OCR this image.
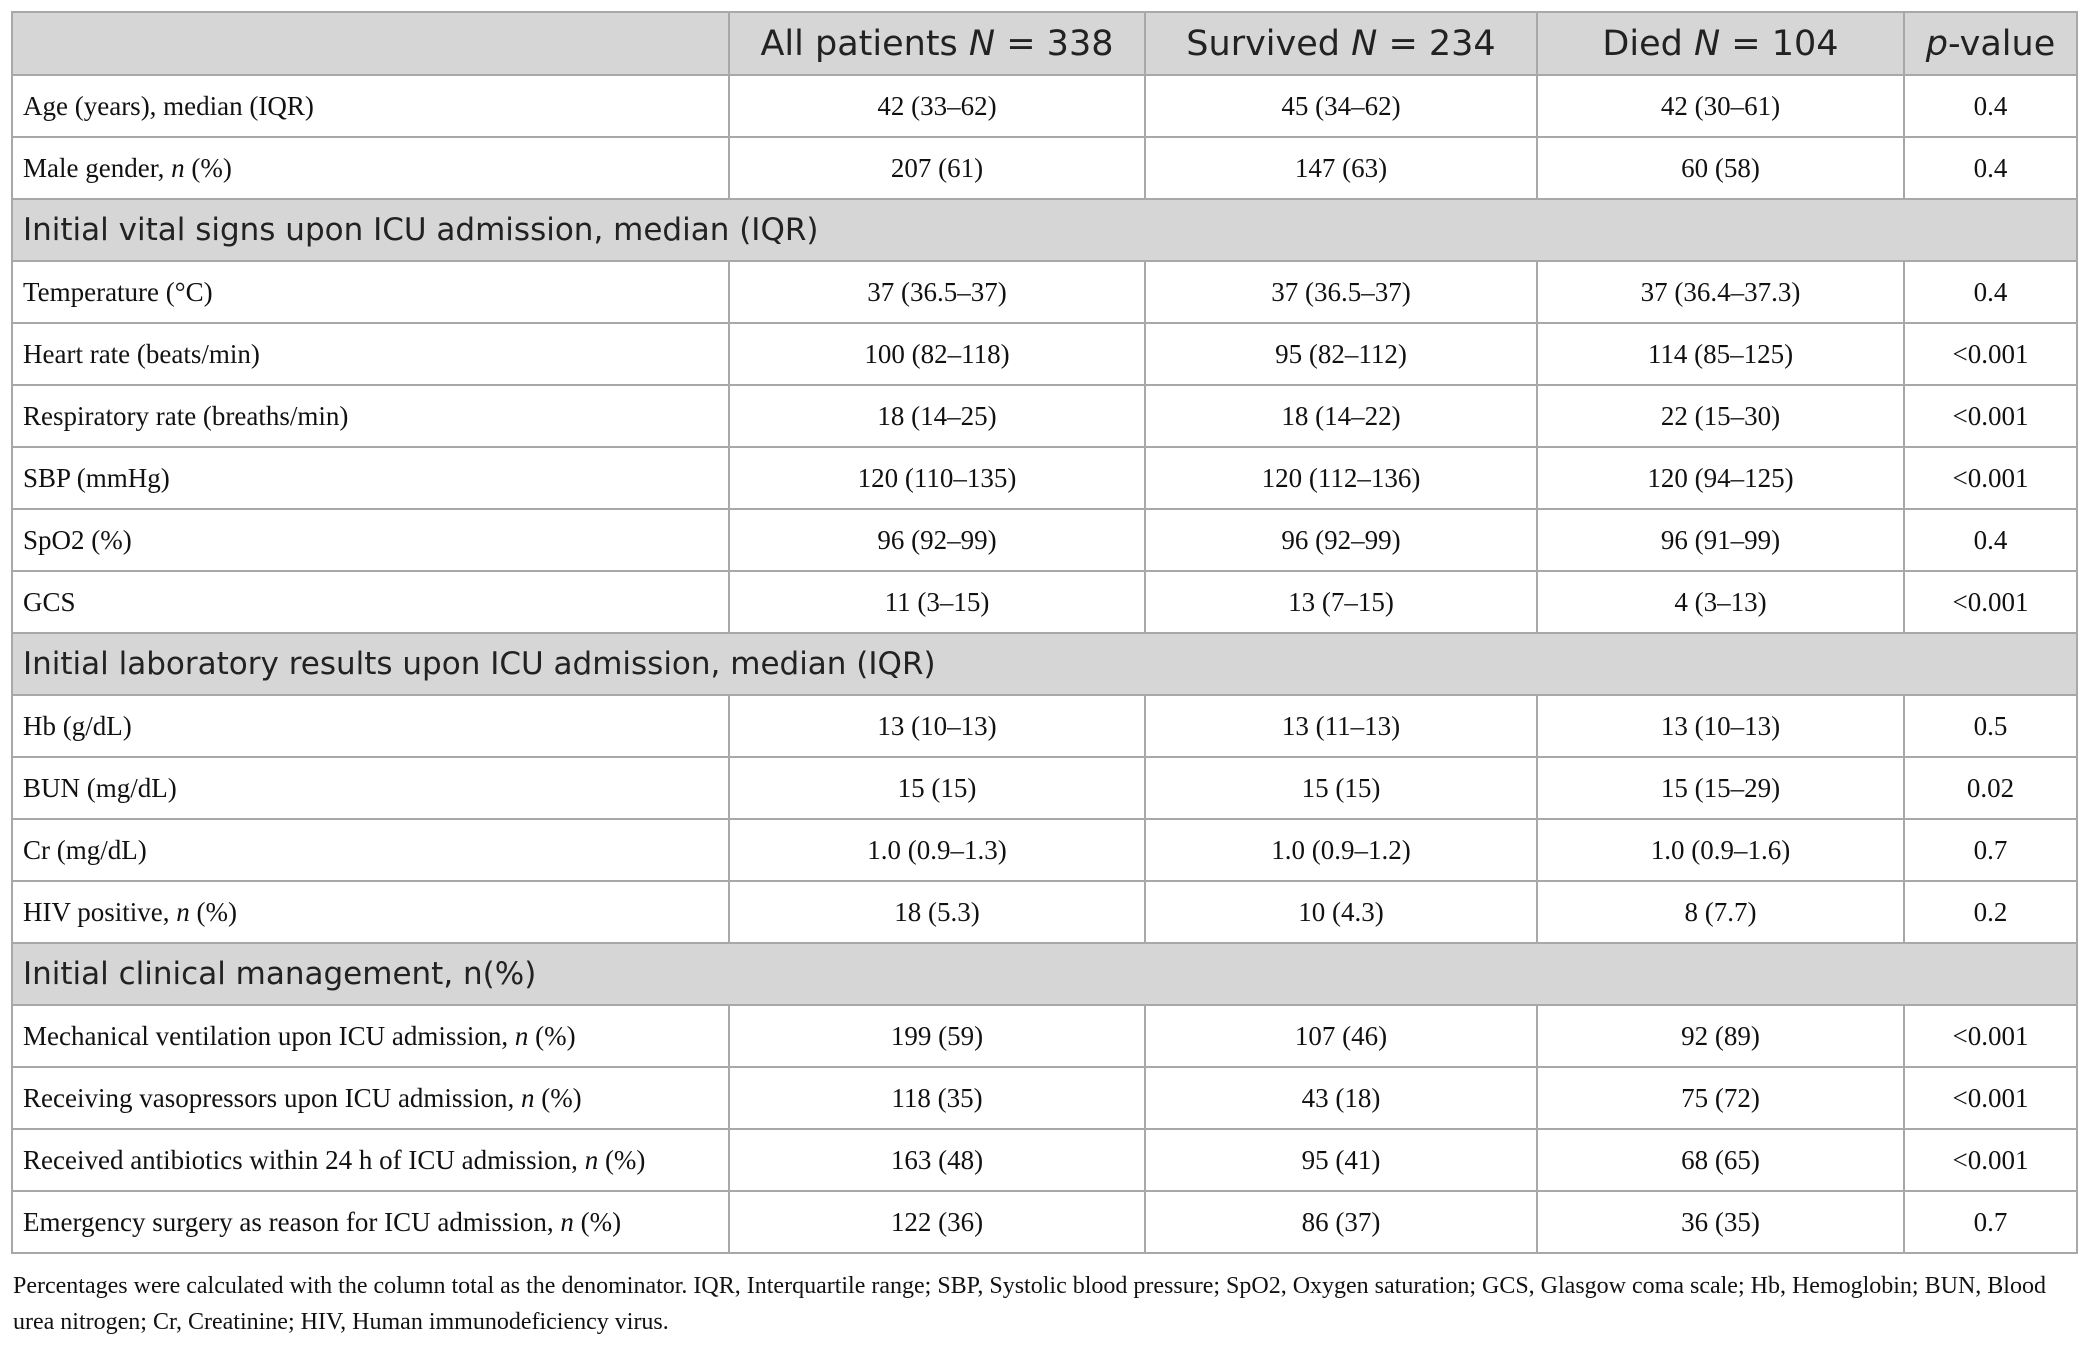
	All patients N = 338	Survived N = 234	Died N = 104	p-value
Age (years), median (IQR)	42 (33–62)	45 (34–62)	42 (30–61)	0.4
Male gender, n (%)	207 (61)	147 (63)	60 (58)	0.4
Initial vital signs upon ICU admission, median (IQR)				
Temperature (°C)	37 (36.5–37)	37 (36.5–37)	37 (36.4–37.3)	0.4
Heart rate (beats/min)	100 (82–118)	95 (82–112)	114 (85–125)	<0.001
Respiratory rate (breaths/min)	18 (14–25)	18 (14–22)	22 (15–30)	<0.001
SBP (mmHg)	120 (110–135)	120 (112–136)	120 (94–125)	<0.001
SpO2 (%)	96 (92–99)	96 (92–99)	96 (91–99)	0.4
GCS	11 (3–15)	13 (7–15)	4 (3–13)	<0.001
Initial laboratory results upon ICU admission, median (IQR)				
Hb (g/dL)	13 (10–13)	13 (11–13)	13 (10–13)	0.5
BUN (mg/dL)	15 (15)	15 (15)	15 (15–29)	0.02
Cr (mg/dL)	1.0 (0.9–1.3)	1.0 (0.9–1.2)	1.0 (0.9–1.6)	0.7
HIV positive, n (%)	18 (5.3)	10 (4.3)	8 (7.7)	0.2
Initial clinical management, n(%)				
Mechanical ventilation upon ICU admission, n (%)	199 (59)	107 (46)	92 (89)	<0.001
Receiving vasopressors upon ICU admission, n (%)	118 (35)	43 (18)	75 (72)	<0.001
Received antibiotics within 24 h of ICU admission, n (%)	163 (48)	95 (41)	68 (65)	<0.001
Emergency surgery as reason for ICU admission, n (%)	122 (36)	86 (37)	36 (35)	0.7
Percentages were calculated with the column total as the denominator. IQR, Interquartile range; SBP, Systolic blood pressure; SpO2, Oxygen saturation; GCS, Glasgow coma scale; Hb, Hemoglobin; BUN, Blood urea nitrogen; Cr, Creatinine; HIV, Human immunodeficiency virus.
